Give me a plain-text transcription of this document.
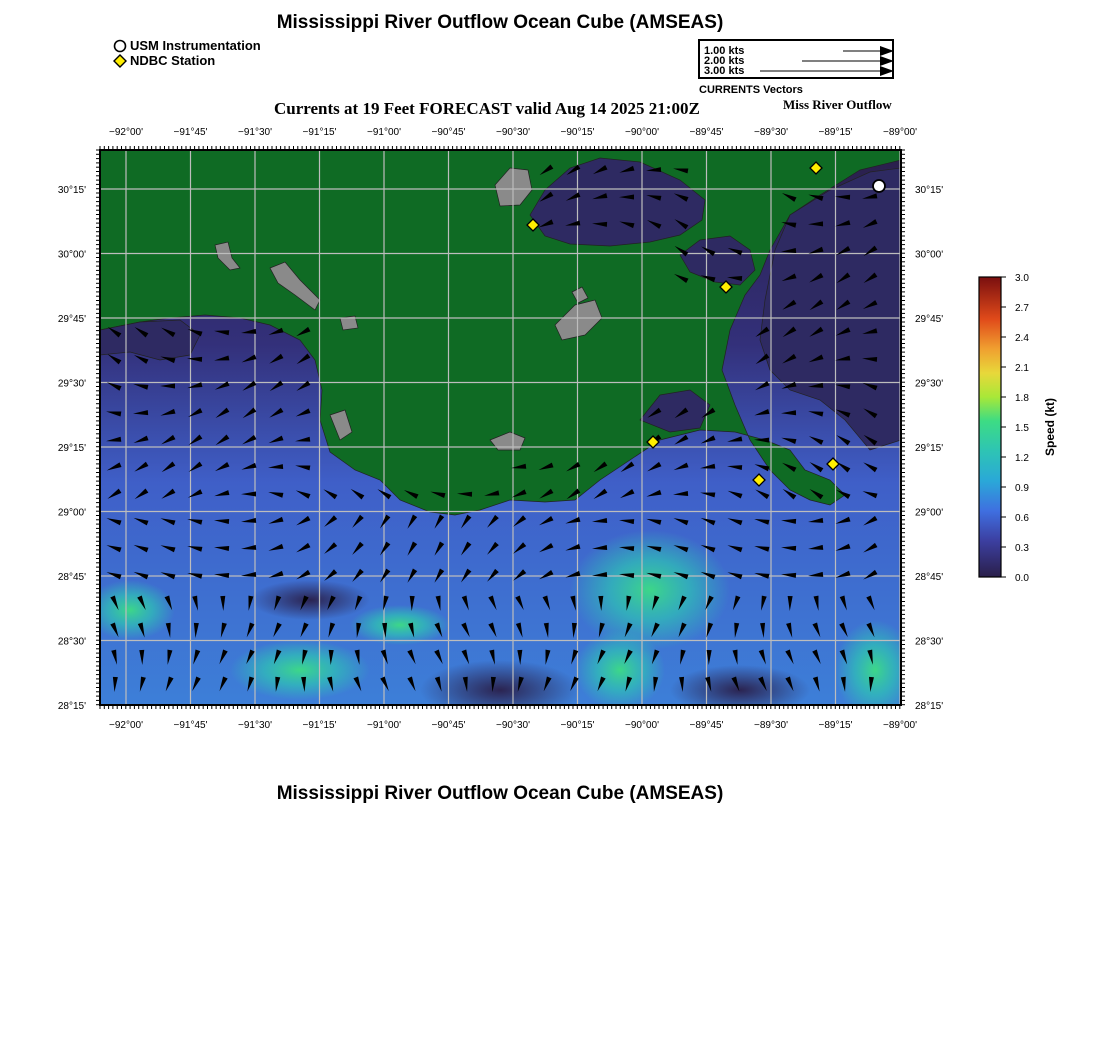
Mississippi River Outflow Ocean Cube (AMSEAS)
USM Instrumentation
NDBC Station
1.00 kts
2.00 kts
3.00 kts
CURRENTS Vectors
Currents at 19 Feet FORECAST valid Aug 14 2025 21:00Z	Miss River Outflow
−92°00'	−91°45'	−91°30'	−91°15'	−91°00'	−90°45'	−90°30'	−90°15'	−90°00'	−89°45'	−89°30'	−89°15'	−89°00'
−92°00'	−91°45'	−91°30'	−91°15'	−91°00'	−90°45'	−90°30'	−90°15'	−90°00'	−89°45'	−89°30'	−89°15'	−89°00'
30°15'
30°00'
29°45'
29°30'
29°15'
29°00'
28°45'
28°30'
28°15'
30°15'
30°00'
29°45'
29°30'
29°15'
29°00'
28°45'
28°30'
28°15'
3.0
2.7
2.4
2.1
1.8
1.5
1.2
0.9
0.6
0.3
0.0
Speed (kt)
Mississippi River Outflow Ocean Cube (AMSEAS)
